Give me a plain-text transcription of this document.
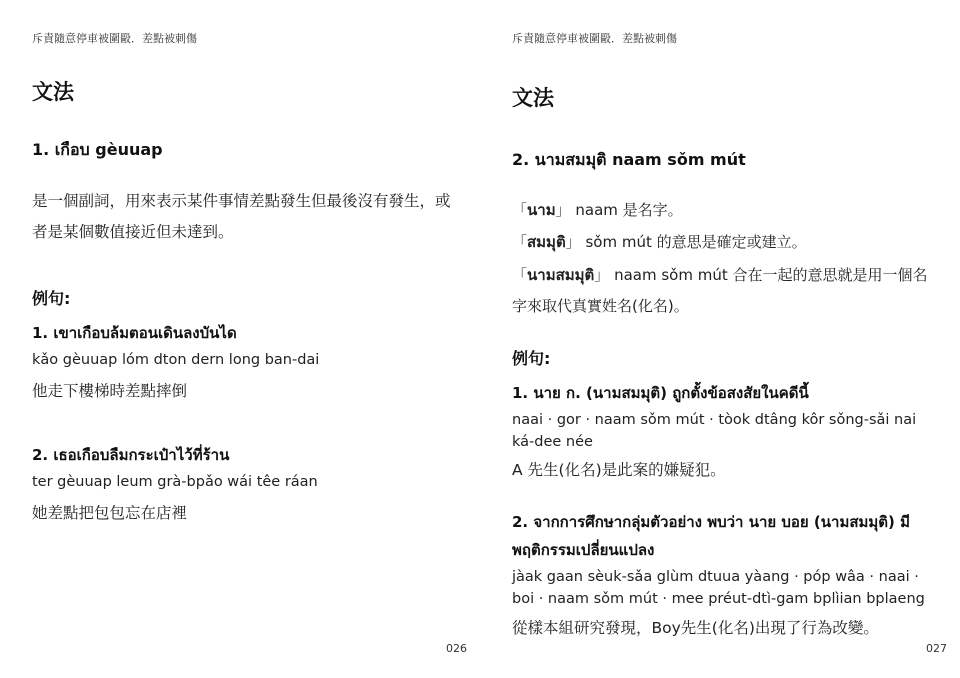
斥責隨意停車被圍毆．差點被刺傷
文法
1. เกือบ gèuuap
是一個副詞，用來表示某件事情差點發生但最後沒有發生，或者是某個數值接近但未達到。
例句:
1. เขาเกือบล้มตอนเดินลงบันได
kǎo gèuuap lóm dton dern long ban-dai
他走下樓梯時差點摔倒
2. เธอเกือบลืมกระเป๋าไว้ที่ร้าน
ter gèuuap leum grà-bpǎo wái têe ráan
她差點把包包忘在店裡
026
斥責隨意停車被圍毆．差點被刺傷
文法
2. นามสมมุติ naam sǒm mút
「นาม」 naam 是名字。
「สมมุติ」 sǒm mút 的意思是確定或建立。
「นามสมมุติ」 naam sǒm mút 合在一起的意思就是用一個名字來取代真實姓名(化名)。
例句:
1. นาย ก. (นามสมมุติ) ถูกตั้งข้อสงสัยในคดีนี้
naai · gor · naam sǒm mút · tòok dtâng kôr sǒng-sǎi nai ká-dee née
A 先生(化名)是此案的嫌疑犯。
2. จากการศึกษากลุ่มตัวอย่าง พบว่า นาย บอย (นามสมมุติ) มีพฤติกรรมเปลี่ยนแปลง
jàak gaan sèuk-sǎa glùm dtuua yàang · póp wâa · naai · boi · naam sǒm mút · mee préut-dtì-gam bplìian bplaeng
從樣本組研究發現，Boy先生(化名)出現了行為改變。
027
